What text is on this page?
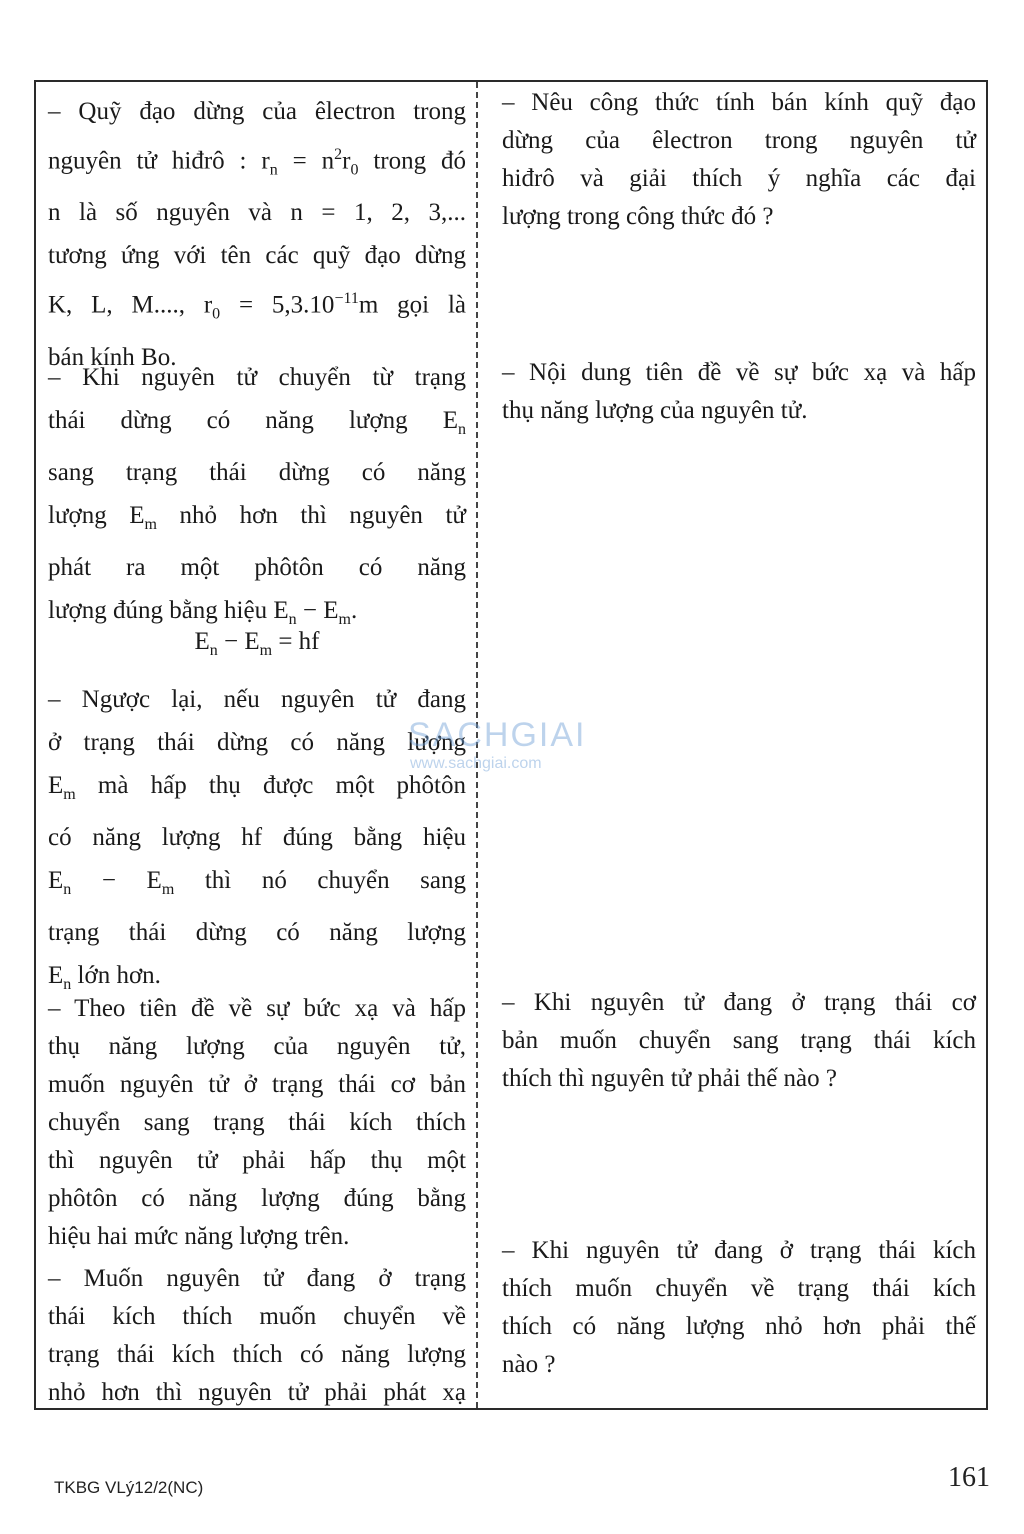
– Quỹ đạo dừng của êlectron trong
nguyên tử hiđrô : $r_n = n^2r_0$ trong đó
n là số nguyên và n = 1, 2, 3,...
tương ứng với tên các quỹ đạo dừng
K, L, M...., $r_0 = 5,3.10^{-11}m$ gọi là
bán kính Bo.
– Khi nguyên tử chuyển từ trạng
thái dừng có năng lượng $E_n$
sang trạng thái dừng có năng
lượng $E_m$ nhỏ hơn thì nguyên tử
phát ra một phôtôn có năng
lượng đúng bằng hiệu $E_n - E_m$.
$E_n - E_m$ = hf
– Ngược lại, nếu nguyên tử đang
ở trạng thái dừng có năng lượng
$E_m$ mà hấp thụ được một phôtôn
có năng lượng hf đúng bằng hiệu
$E_n - E_m$ thì nó chuyển sang
trạng thái dừng có năng lượng
$E_n$ lớn hơn.
– Theo tiên đề về sự bức xạ và hấp
thụ năng lượng của nguyên tử,
muốn nguyên tử ở trạng thái cơ bản
chuyển sang trạng thái kích thích
thì nguyên tử phải hấp thụ một
phôtôn có năng lượng đúng bằng
hiệu hai mức năng lượng trên.
– Muốn nguyên tử đang ở trạng
thái kích thích muốn chuyển về
trạng thái kích thích có năng lượng
nhỏ hơn thì nguyên tử phải phát xạ
– Nêu công thức tính bán kính quỹ đạo
dừng của êlectron trong nguyên tử
hiđrô và giải thích ý nghĩa các đại
lượng trong công thức đó ?
– Nội dung tiên đề về sự bức xạ và hấp
thụ năng lượng của nguyên tử.
– Khi nguyên tử đang ở trạng thái cơ
bản muốn chuyển sang trạng thái kích
thích thì nguyên tử phải thế nào ?
– Khi nguyên tử đang ở trạng thái kích
thích muốn chuyển về trạng thái kích
thích có năng lượng nhỏ hơn phải thế
nào ?
SACHGIAI
www.sachgiai.com
TKBG VLý12/2(NC)	161
